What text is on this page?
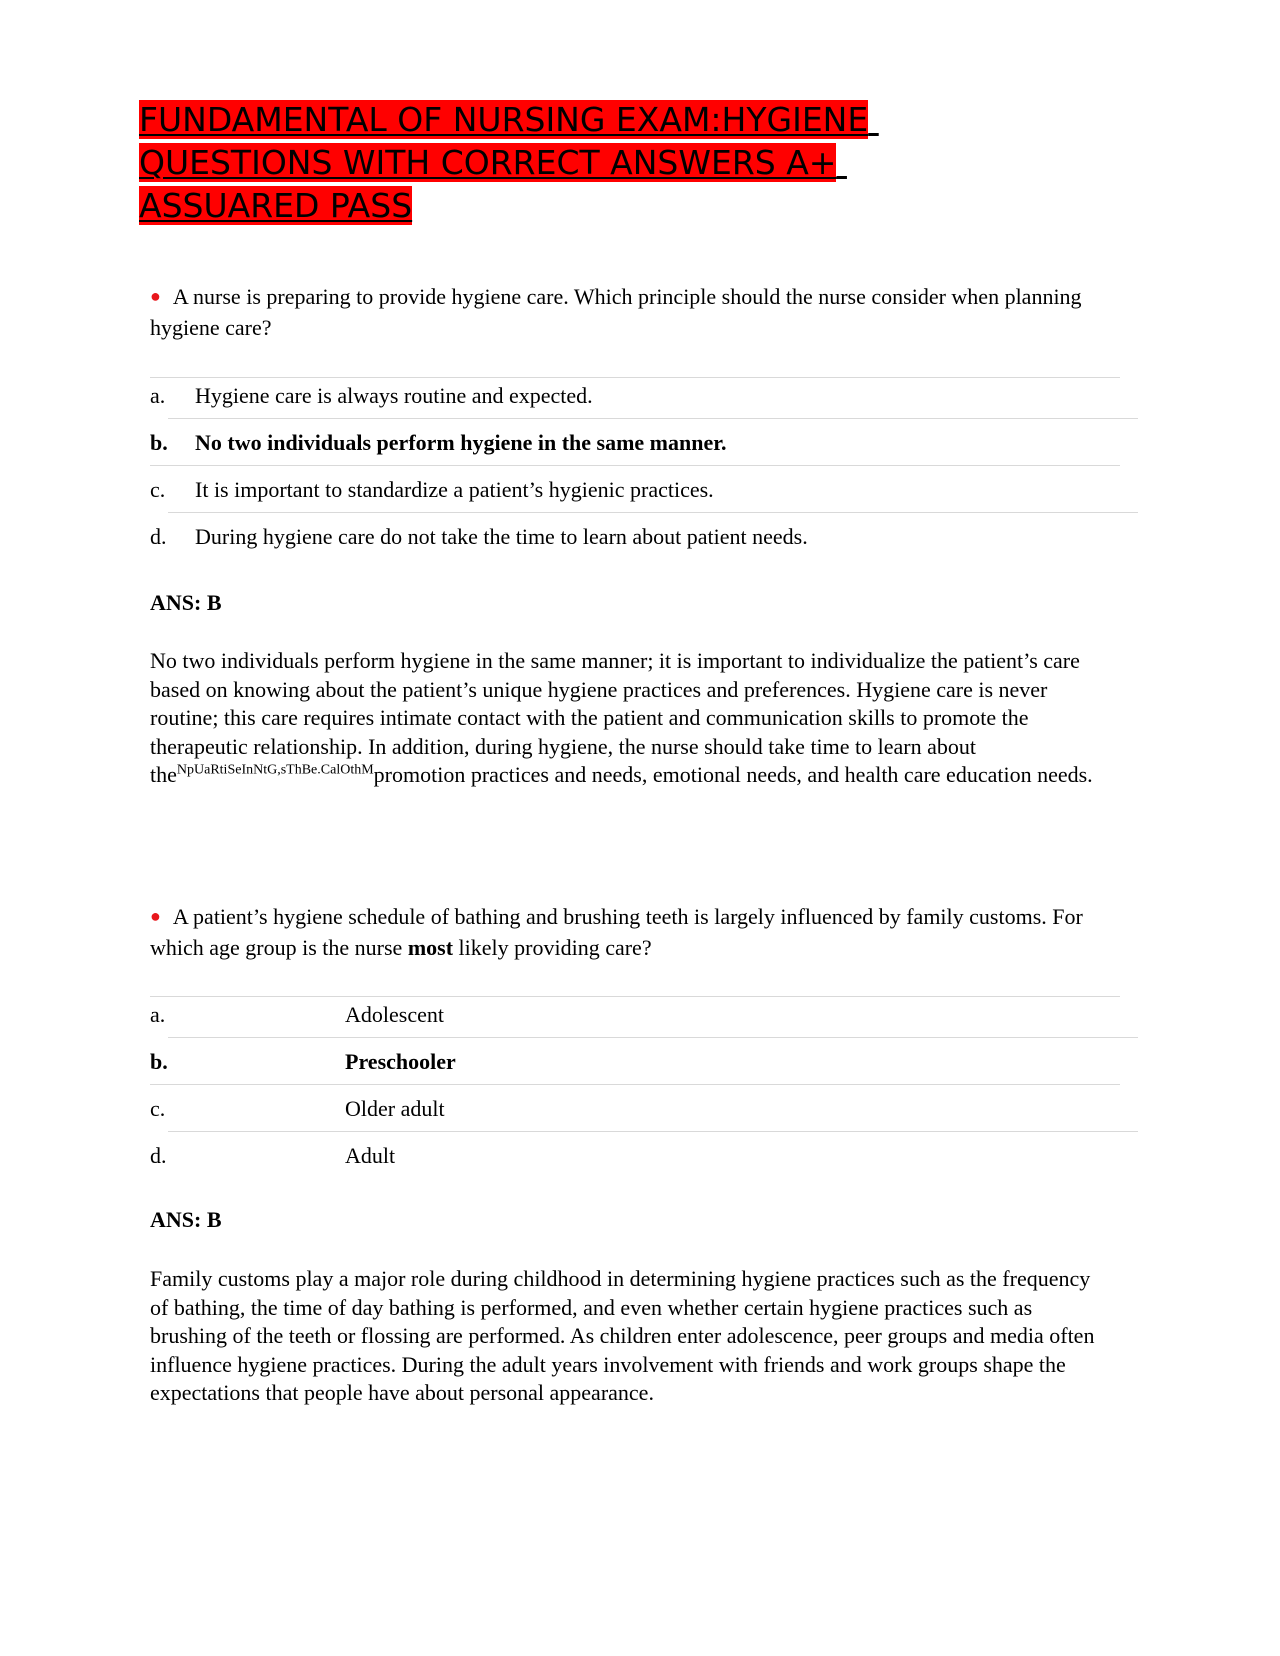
FUNDAMENTAL OF NURSING EXAM:HYGIENE
QUESTIONS WITH CORRECT ANSWERS A+
ASSUARED PASS
● A nurse is preparing to provide hygiene care. Which principle should the nurse consider when planning hygiene care?
a. Hygiene care is always routine and expected.
b. No two individuals perform hygiene in the same manner.
c. It is important to standardize a patient’s hygienic practices.
d. During hygiene care do not take the time to learn about patient needs.
ANS: B
No two individuals perform hygiene in the same manner; it is important to individualize the patient’s care based on knowing about the patient’s unique hygiene practices and preferences. Hygiene care is never routine; this care requires intimate contact with the patient and communication skills to promote the therapeutic relationship. In addition, during hygiene, the nurse should take time to learn about the$^{NpUaRtiSeInNtG,sThBe.CalOthM}$promotion practices and needs, emotional needs, and health care education needs.
● A patient’s hygiene schedule of bathing and brushing teeth is largely influenced by family customs. For which age group is the nurse most likely providing care?
a.	Adolescent
b.	Preschooler
c.	Older adult
d.	Adult
ANS: B
Family customs play a major role during childhood in determining hygiene practices such as the frequency of bathing, the time of day bathing is performed, and even whether certain hygiene practices such as brushing of the teeth or flossing are performed. As children enter adolescence, peer groups and media often influence hygiene practices. During the adult years involvement with friends and work groups shape the expectations that people have about personal appearance.
